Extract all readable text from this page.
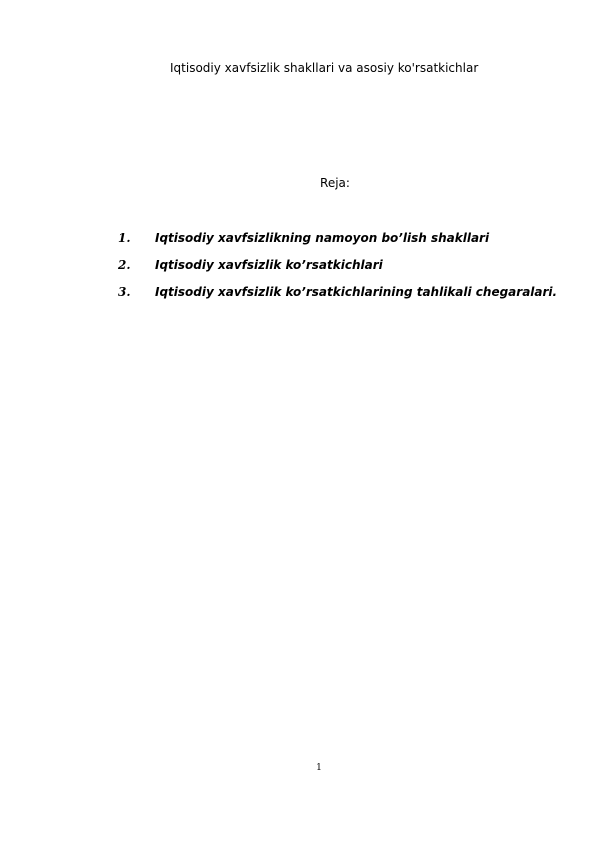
Iqtisodiy xavfsizlik shakllari va asosiy ko'rsatkichlar
Reja:
1.	Iqtisodiy xavfsizlikning namoyon bo’lish shakllari
2.	Iqtisodiy xavfsizlik ko’rsatkichlari
3.	Iqtisodiy xavfsizlik ko’rsatkichlarining tahlikali chegaralari.
1
